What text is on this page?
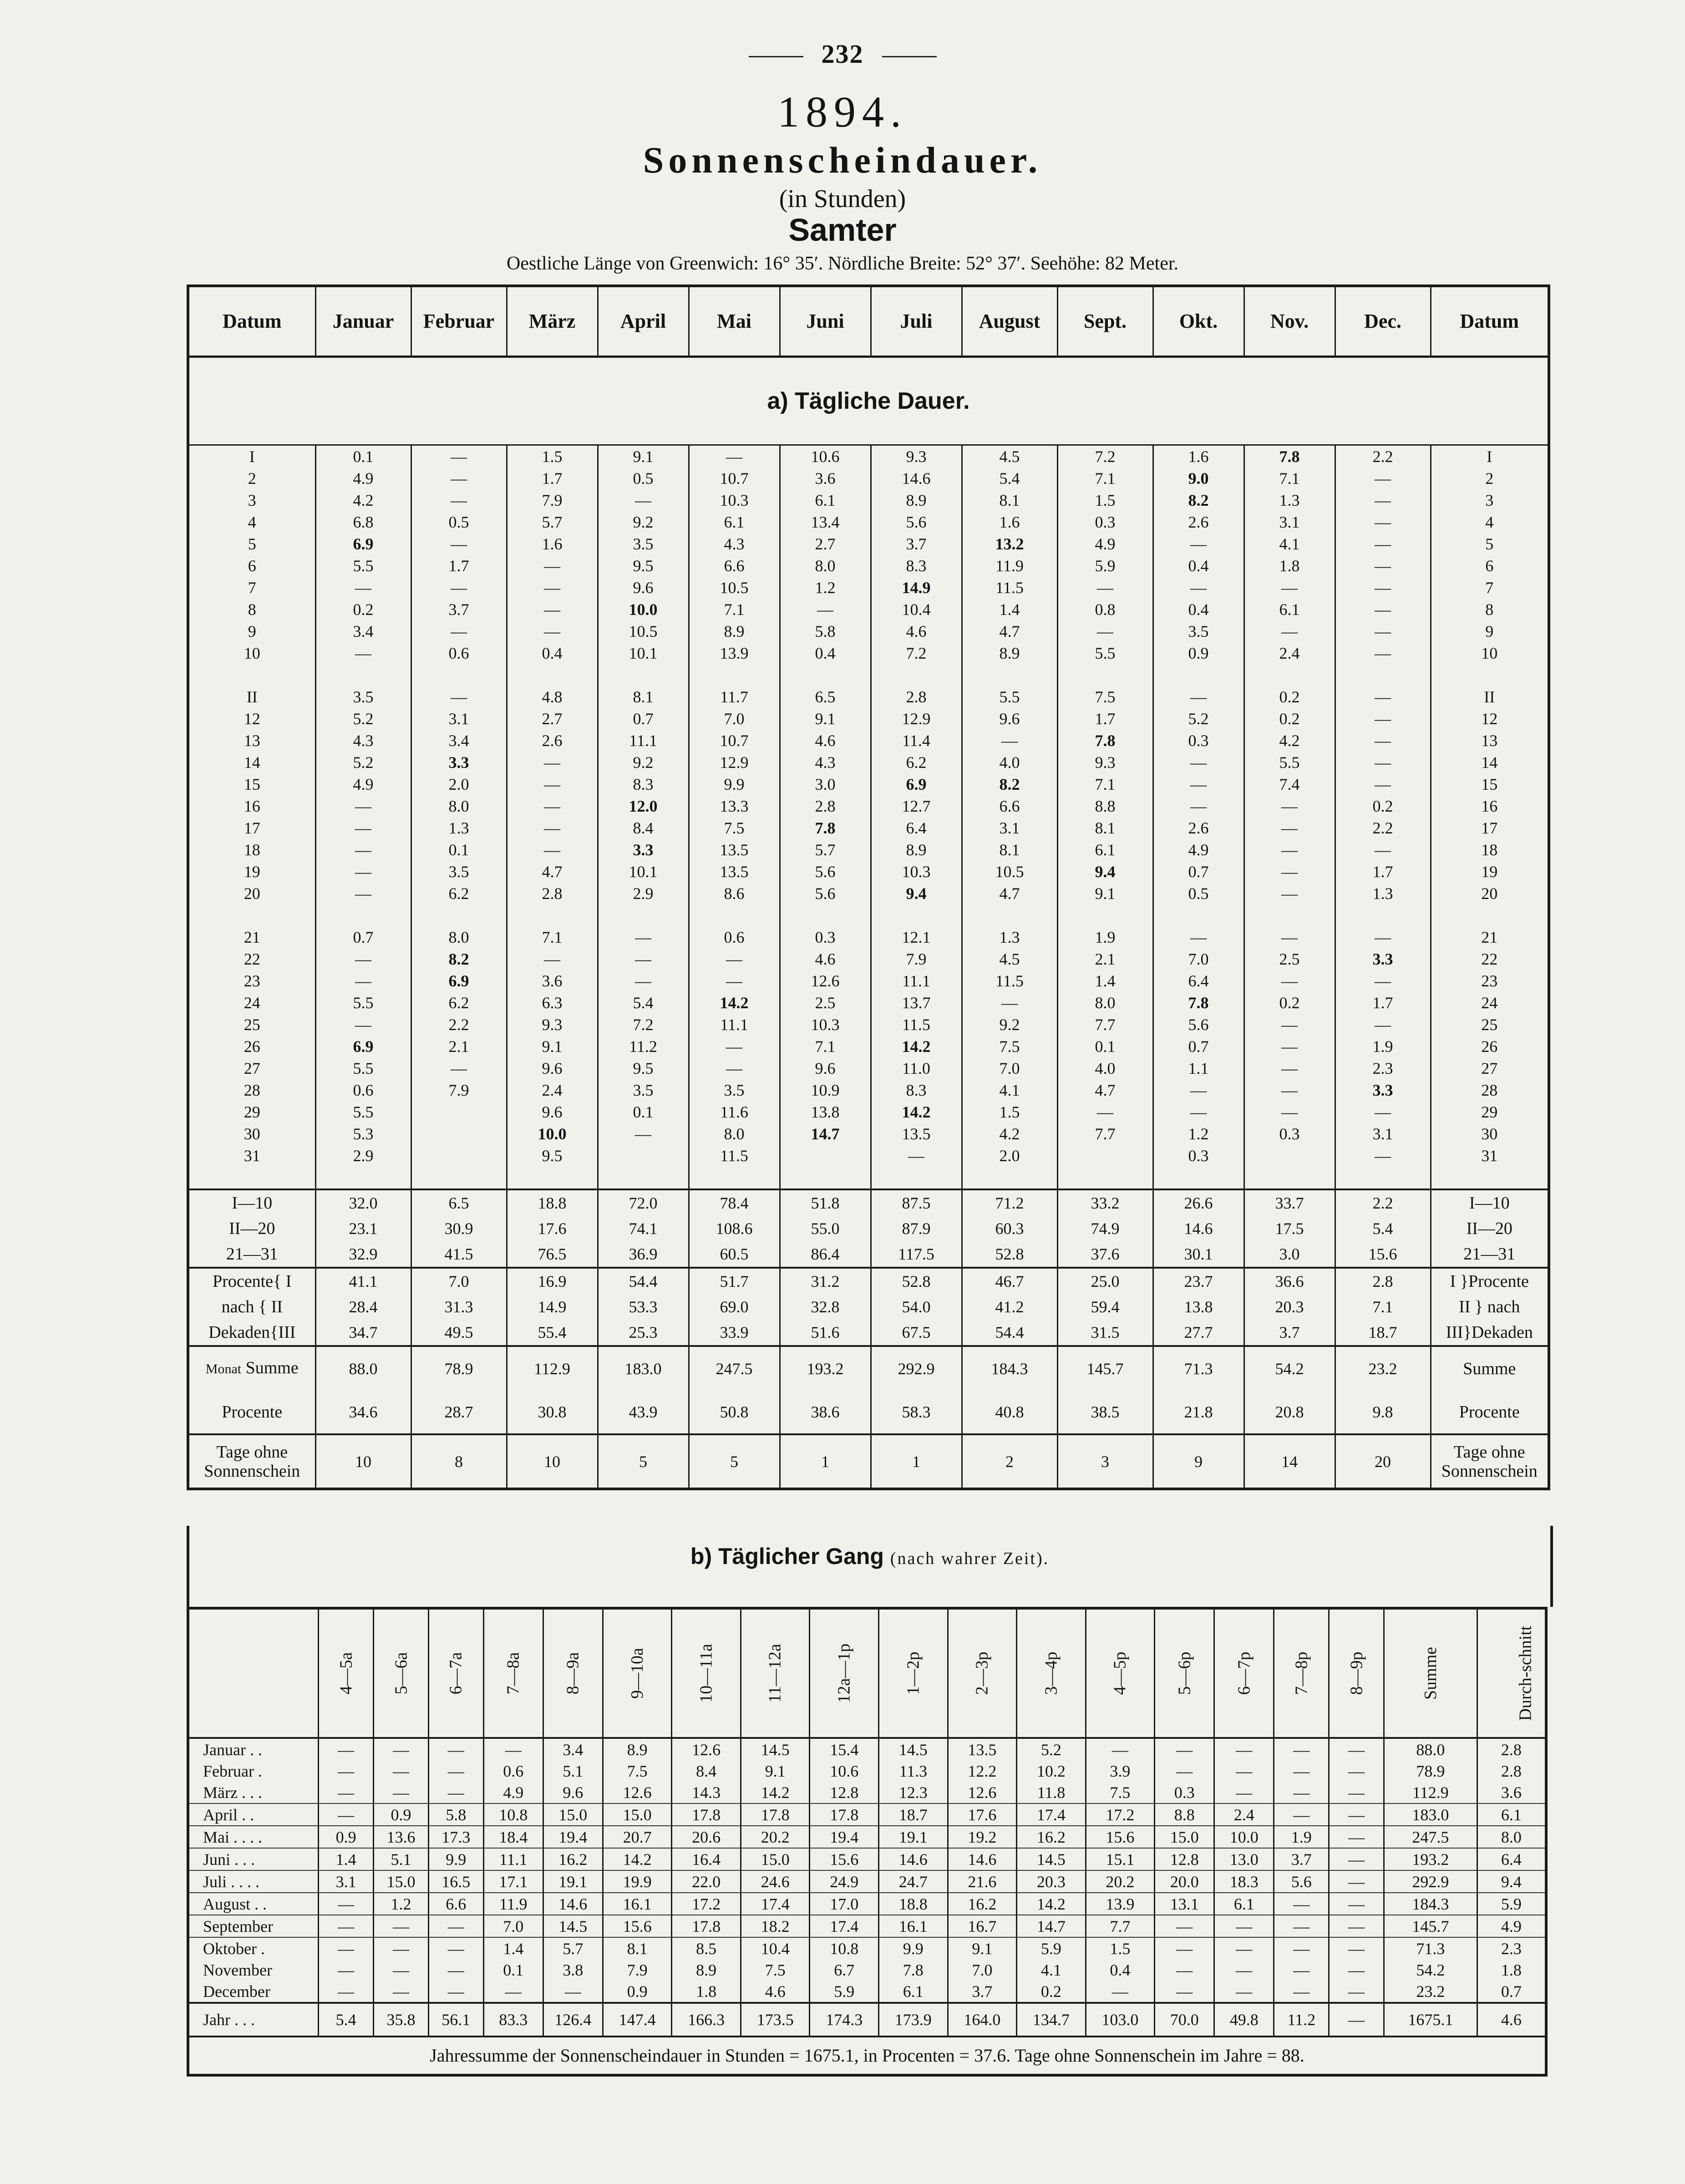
232
1894.
Sonnenscheindauer.
(in Stunden)
Samter
Oestliche Länge von Greenwich: 16° 35′. Nördliche Breite: 52° 37′. Seehöhe: 82 Meter.
Datum	Januar	Februar	März	April	Mai	Juni	Juli	August	Sept.	Okt.	Nov.	Dec.	Datum
a) Tägliche Dauer.													
I	0.1	—	1.5	9.1	—	10.6	9.3	4.5	7.2	1.6	7.8	2.2	I
2	4.9	—	1.7	0.5	10.7	3.6	14.6	5.4	7.1	9.0	7.1	—	2
3	4.2	—	7.9	—	10.3	6.1	8.9	8.1	1.5	8.2	1.3	—	3
4	6.8	0.5	5.7	9.2	6.1	13.4	5.6	1.6	0.3	2.6	3.1	—	4
5	6.9	—	1.6	3.5	4.3	2.7	3.7	13.2	4.9	—	4.1	—	5
6	5.5	1.7	—	9.5	6.6	8.0	8.3	11.9	5.9	0.4	1.8	—	6
7	—	—	—	9.6	10.5	1.2	14.9	11.5	—	—	—	—	7
8	0.2	3.7	—	10.0	7.1	—	10.4	1.4	0.8	0.4	6.1	—	8
9	3.4	—	—	10.5	8.9	5.8	4.6	4.7	—	3.5	—	—	9
10	—	0.6	0.4	10.1	13.9	0.4	7.2	8.9	5.5	0.9	2.4	—	10

II	3.5	—	4.8	8.1	11.7	6.5	2.8	5.5	7.5	—	0.2	—	II
12	5.2	3.1	2.7	0.7	7.0	9.1	12.9	9.6	1.7	5.2	0.2	—	12
13	4.3	3.4	2.6	11.1	10.7	4.6	11.4	—	7.8	0.3	4.2	—	13
14	5.2	3.3	—	9.2	12.9	4.3	6.2	4.0	9.3	—	5.5	—	14
15	4.9	2.0	—	8.3	9.9	3.0	6.9	8.2	7.1	—	7.4	—	15
16	—	8.0	—	12.0	13.3	2.8	12.7	6.6	8.8	—	—	0.2	16
17	—	1.3	—	8.4	7.5	7.8	6.4	3.1	8.1	2.6	—	2.2	17
18	—	0.1	—	3.3	13.5	5.7	8.9	8.1	6.1	4.9	—	—	18
19	—	3.5	4.7	10.1	13.5	5.6	10.3	10.5	9.4	0.7	—	1.7	19
20	—	6.2	2.8	2.9	8.6	5.6	9.4	4.7	9.1	0.5	—	1.3	20

21	0.7	8.0	7.1	—	0.6	0.3	12.1	1.3	1.9	—	—	—	21
22	—	8.2	—	—	—	4.6	7.9	4.5	2.1	7.0	2.5	3.3	22
23	—	6.9	3.6	—	—	12.6	11.1	11.5	1.4	6.4	—	—	23
24	5.5	6.2	6.3	5.4	14.2	2.5	13.7	—	8.0	7.8	0.2	1.7	24
25	—	2.2	9.3	7.2	11.1	10.3	11.5	9.2	7.7	5.6	—	—	25
26	6.9	2.1	9.1	11.2	—	7.1	14.2	7.5	0.1	0.7	—	1.9	26
27	5.5	—	9.6	9.5	—	9.6	11.0	7.0	4.0	1.1	—	2.3	27
28	0.6	7.9	2.4	3.5	3.5	10.9	8.3	4.1	4.7	—	—	3.3	28
29	5.5		9.6	0.1	11.6	13.8	14.2	1.5	—	—	—	—	29
30	5.3		10.0	—	8.0	14.7	13.5	4.2	7.7	1.2	0.3	3.1	30
31	2.9		9.5		11.5		—	2.0		0.3		—	31

I—10	32.0	6.5	18.8	72.0	78.4	51.8	87.5	71.2	33.2	26.6	33.7	2.2	I—10
II—20	23.1	30.9	17.6	74.1	108.6	55.0	87.9	60.3	74.9	14.6	17.5	5.4	II—20
21—31	32.9	41.5	76.5	36.9	60.5	86.4	117.5	52.8	37.6	30.1	3.0	15.6	21—31
Procente{ I	41.1	7.0	16.9	54.4	51.7	31.2	52.8	46.7	25.0	23.7	36.6	2.8	I }Procente
nach { II	28.4	31.3	14.9	53.3	69.0	32.8	54.0	41.2	59.4	13.8	20.3	7.1	II } nach
Dekaden{III	34.7	49.5	55.4	25.3	33.9	51.6	67.5	54.4	31.5	27.7	3.7	18.7	III}Dekaden
Monat Summe	88.0	78.9	112.9	183.0	247.5	193.2	292.9	184.3	145.7	71.3	54.2	23.2	Summe
Procente	34.6	28.7	30.8	43.9	50.8	38.6	58.3	40.8	38.5	21.8	20.8	9.8	Procente
Tage ohne Sonnenschein	10	8	10	5	5	1	1	2	3	9	14	20	Tage ohne Sonnenschein
b) Täglicher Gang (nach wahrer Zeit).
	4—5a	5—6a	6—7a	7—8a	8—9a	9—10a	10—11a	11—12a	12a—1p	1—2p	2—3p	3—4p	4—5p	5—6p	6—7p	7—8p	8—9p	Summe	Durch-schnitt
Januar . .	—	—	—	—	3.4	8.9	12.6	14.5	15.4	14.5	13.5	5.2	—	—	—	—	—	88.0	2.8
Februar .	—	—	—	0.6	5.1	7.5	8.4	9.1	10.6	11.3	12.2	10.2	3.9	—	—	—	—	78.9	2.8
März . . .	—	—	—	4.9	9.6	12.6	14.3	14.2	12.8	12.3	12.6	11.8	7.5	0.3	—	—	—	112.9	3.6
April . .	—	0.9	5.8	10.8	15.0	15.0	17.8	17.8	17.8	18.7	17.6	17.4	17.2	8.8	2.4	—	—	183.0	6.1
Mai . . . .	0.9	13.6	17.3	18.4	19.4	20.7	20.6	20.2	19.4	19.1	19.2	16.2	15.6	15.0	10.0	1.9	—	247.5	8.0
Juni . . .	1.4	5.1	9.9	11.1	16.2	14.2	16.4	15.0	15.6	14.6	14.6	14.5	15.1	12.8	13.0	3.7	—	193.2	6.4
Juli . . . .	3.1	15.0	16.5	17.1	19.1	19.9	22.0	24.6	24.9	24.7	21.6	20.3	20.2	20.0	18.3	5.6	—	292.9	9.4
August . .	—	1.2	6.6	11.9	14.6	16.1	17.2	17.4	17.0	18.8	16.2	14.2	13.9	13.1	6.1	—	—	184.3	5.9
September	—	—	—	7.0	14.5	15.6	17.8	18.2	17.4	16.1	16.7	14.7	7.7	—	—	—	—	145.7	4.9
Oktober .	—	—	—	1.4	5.7	8.1	8.5	10.4	10.8	9.9	9.1	5.9	1.5	—	—	—	—	71.3	2.3
November	—	—	—	0.1	3.8	7.9	8.9	7.5	6.7	7.8	7.0	4.1	0.4	—	—	—	—	54.2	1.8
December	—	—	—	—	—	0.9	1.8	4.6	5.9	6.1	3.7	0.2	—	—	—	—	—	23.2	0.7
Jahr . . .	5.4	35.8	56.1	83.3	126.4	147.4	166.3	173.5	174.3	173.9	164.0	134.7	103.0	70.0	49.8	11.2	—	1675.1	4.6
Jahressumme der Sonnenscheindauer in Stunden = 1675.1, in Procenten = 37.6. Tage ohne Sonnenschein im Jahre = 88.																			
